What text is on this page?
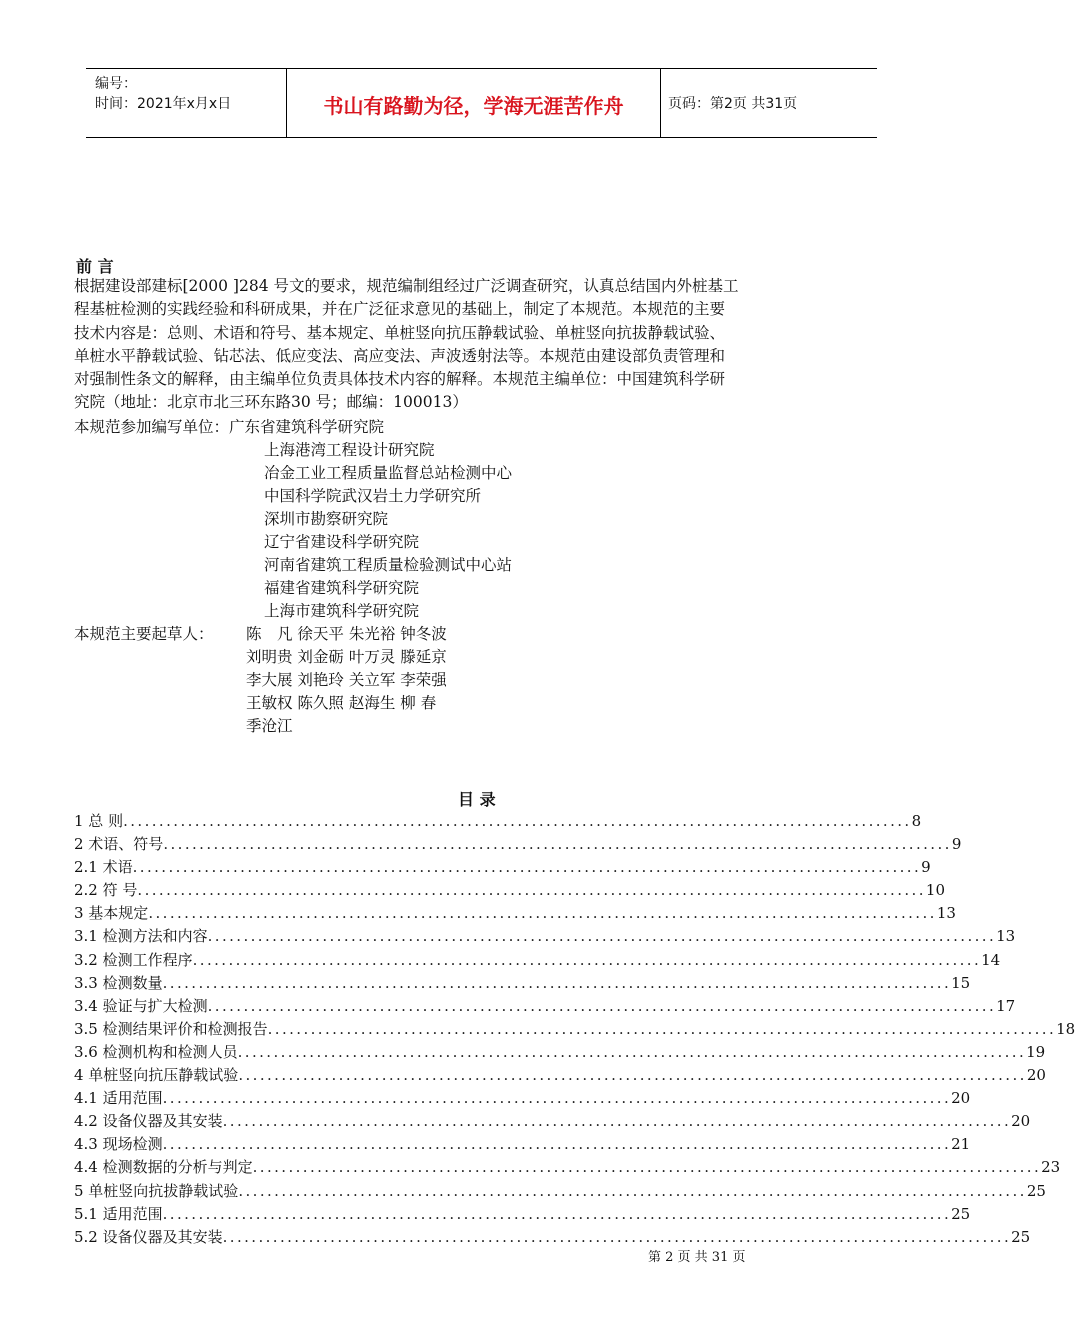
编号：
时间：2021年x月x日	书山有路勤为径，学海无涯苦作舟	页码：第2页 共31页
前 言
根据建设部建标[2000 ]284 号文的要求，规范编制组经过广泛调查研究，认真总结国内外桩基工
程基桩检测的实践经验和科研成果，并在广泛征求意见的基础上，制定了本规范。本规范的主要
技术内容是：总则、术语和符号、基本规定、单桩竖向抗压静载试验、单桩竖向抗拔静载试验、
单桩水平静载试验、钻芯法、低应变法、高应变法、声波透射法等。本规范由建设部负责管理和
对强制性条文的解释，由主编单位负责具体技术内容的解释。本规范主编单位：中国建筑科学研
究院（地址：北京市北三环东路30 号；邮编：100013）
本规范参加编写单位： 广东省建筑科学研究院
上海港湾工程设计研究院
冶金工业工程质量监督总站检测中心
中国科学院武汉岩土力学研究所
深圳市勘察研究院
辽宁省建设科学研究院
河南省建筑工程质量检验测试中心站
福建省建筑科学研究院
上海市建筑科学研究院
本规范主要起草人： 陈　凡 徐天平 朱光裕 钟冬波
刘明贵 刘金砺 叶万灵 滕延京
李大展 刘艳玲 关立军 李荣强
王敏权 陈久照 赵海生 柳 春
季沧江
目 录
1 总 则 .............................................................................................................. 8
2 术语、符号 .............................................................................................................. 9
2.1 术语 .............................................................................................................. 9
2.2 符 号 .............................................................................................................. 10
3 基本规定 .............................................................................................................. 13
3.1 检测方法和内容 .............................................................................................................. 13
3.2 检测工作程序 .............................................................................................................. 14
3.3 检测数量 .............................................................................................................. 15
3.4 验证与扩大检测 .............................................................................................................. 17
3.5 检测结果评价和检测报告 .............................................................................................................. 18
3.6 检测机构和检测人员 .............................................................................................................. 19
4 单桩竖向抗压静载试验 .............................................................................................................. 20
4.1 适用范围 .............................................................................................................. 20
4.2 设备仪器及其安装 .............................................................................................................. 20
4.3 现场检测 .............................................................................................................. 21
4.4 检测数据的分析与判定 .............................................................................................................. 23
5 单桩竖向抗拔静载试验 .............................................................................................................. 25
5.1 适用范围 .............................................................................................................. 25
5.2 设备仪器及其安装 .............................................................................................................. 25
第 2 页 共 31 页
